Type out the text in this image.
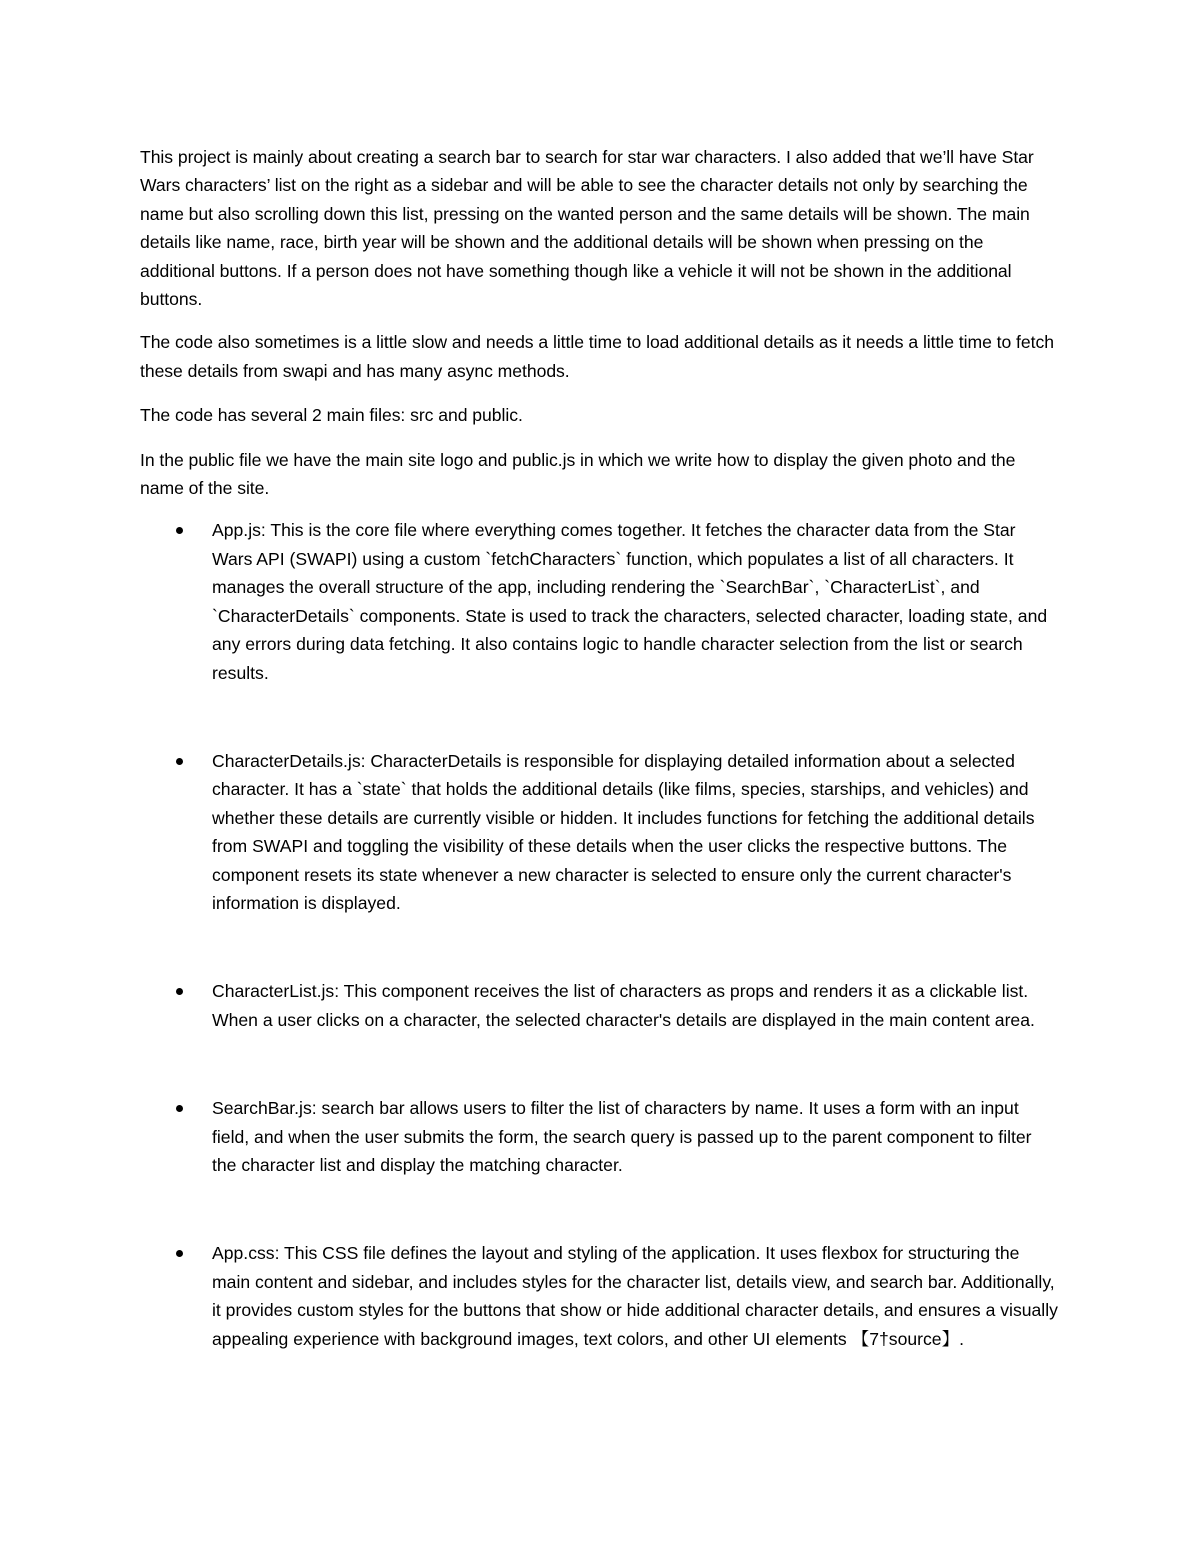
This project is mainly about creating a search bar to search for star war characters. I also added that we’ll have Star Wars characters’ list on the right as a sidebar and will be able to see the character details not only by searching the name but also scrolling down this list, pressing on the wanted person and the same details will be shown. The main details like name, race, birth year will be shown and the additional details will be shown when pressing on the additional buttons. If a person does not have something though like a vehicle it will not be shown in the additional buttons.

The code also sometimes is a little slow and needs a little time to load additional details as it needs a little time to fetch these details from swapi and has many async methods.

The code has several 2 main files: src and public.

In the public file we have the main site logo and public.js in which we write how to display the given photo and the name of the site.

App.js: This is the core file where everything comes together. It fetches the character data from the Star Wars API (SWAPI) using a custom `fetchCharacters` function, which populates a list of all characters. It manages the overall structure of the app, including rendering the `SearchBar`, `CharacterList`, and `CharacterDetails` components. State is used to track the characters, selected character, loading state, and any errors during data fetching. It also contains logic to handle character selection from the list or search results.
CharacterDetails.js: CharacterDetails is responsible for displaying detailed information about a selected character. It has a `state` that holds the additional details (like films, species, starships, and vehicles) and whether these details are currently visible or hidden. It includes functions for fetching the additional details from SWAPI and toggling the visibility of these details when the user clicks the respective buttons. The component resets its state whenever a new character is selected to ensure only the current character's information is displayed.
CharacterList.js: This component receives the list of characters as props and renders it as a clickable list. When a user clicks on a character, the selected character's details are displayed in the main content area.
SearchBar.js: search bar allows users to filter the list of characters by name. It uses a form with an input field, and when the user submits the form, the search query is passed up to the parent component to filter the character list and display the matching character.
App.css: This CSS file defines the layout and styling of the application. It uses flexbox for structuring the main content and sidebar, and includes styles for the character list, details view, and search bar. Additionally, it provides custom styles for the buttons that show or hide additional character details, and ensures a visually appealing experience with background images, text colors, and other UI elements 【7†source】.
